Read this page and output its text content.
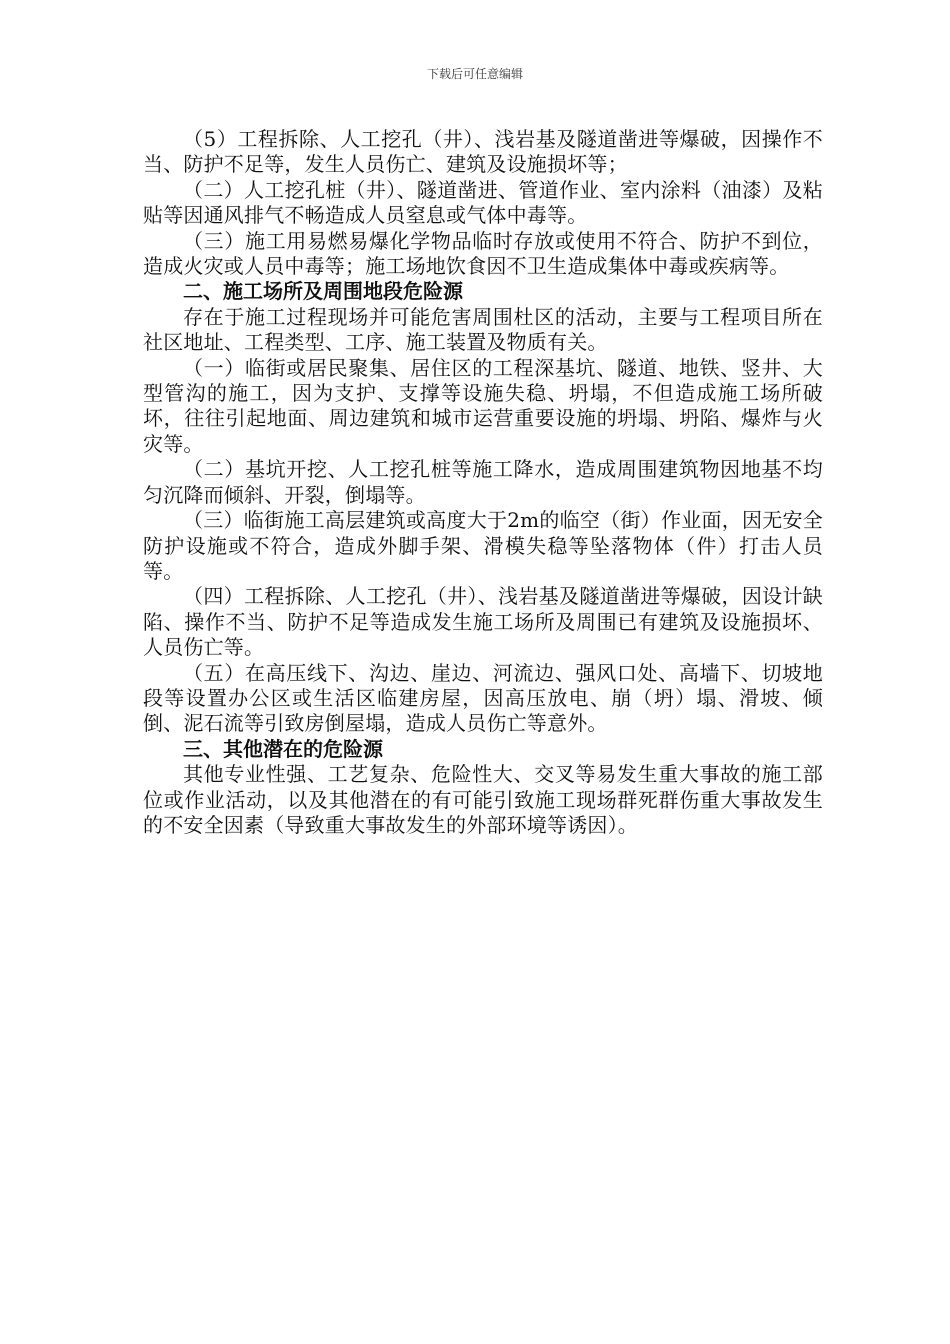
下载后可任意编辑

（5）工程拆除、人工挖孔（井）、浅岩基及隧道凿进等爆破，因操作不当、防护不足等，发生人员伤亡、建筑及设施损坏等；

（二）人工挖孔桩（井）、隧道凿进、管道作业、室内涂料（油漆）及粘贴等因通风排气不畅造成人员窒息或气体中毒等。

（三）施工用易燃易爆化学物品临时存放或使用不符合、防护不到位，造成火灾或人员中毒等；施工场地饮食因不卫生造成集体中毒或疾病等。

二、施工场所及周围地段危险源

存在于施工过程现场并可能危害周围杜区的活动，主要与工程项目所在社区地址、工程类型、工序、施工装置及物质有关。

（一）临街或居民聚集、居住区的工程深基坑、隧道、地铁、竖井、大型管沟的施工，因为支护、支撑等设施失稳、坍塌，不但造成施工场所破坏，往往引起地面、周边建筑和城市运营重要设施的坍塌、坍陷、爆炸与火灾等。

（二）基坑开挖、人工挖孔桩等施工降水，造成周围建筑物因地基不均匀沉降而倾斜、开裂，倒塌等。

（三）临街施工高层建筑或高度大于2m的临空（街）作业面，因无安全防护设施或不符合，造成外脚手架、滑模失稳等坠落物体（件）打击人员等。

（四）工程拆除、人工挖孔（井）、浅岩基及隧道凿进等爆破，因设计缺陷、操作不当、防护不足等造成发生施工场所及周围已有建筑及设施损坏、人员伤亡等。

（五）在高压线下、沟边、崖边、河流边、强风口处、高墙下、切坡地段等设置办公区或生活区临建房屋，因高压放电、崩（坍）塌、滑坡、倾倒、泥石流等引致房倒屋塌，造成人员伤亡等意外。

三、其他潜在的危险源

其他专业性强、工艺复杂、危险性大、交叉等易发生重大事故的施工部位或作业活动，以及其他潜在的有可能引致施工现场群死群伤重大事故发生的不安全因素（导致重大事故发生的外部环境等诱因）。
